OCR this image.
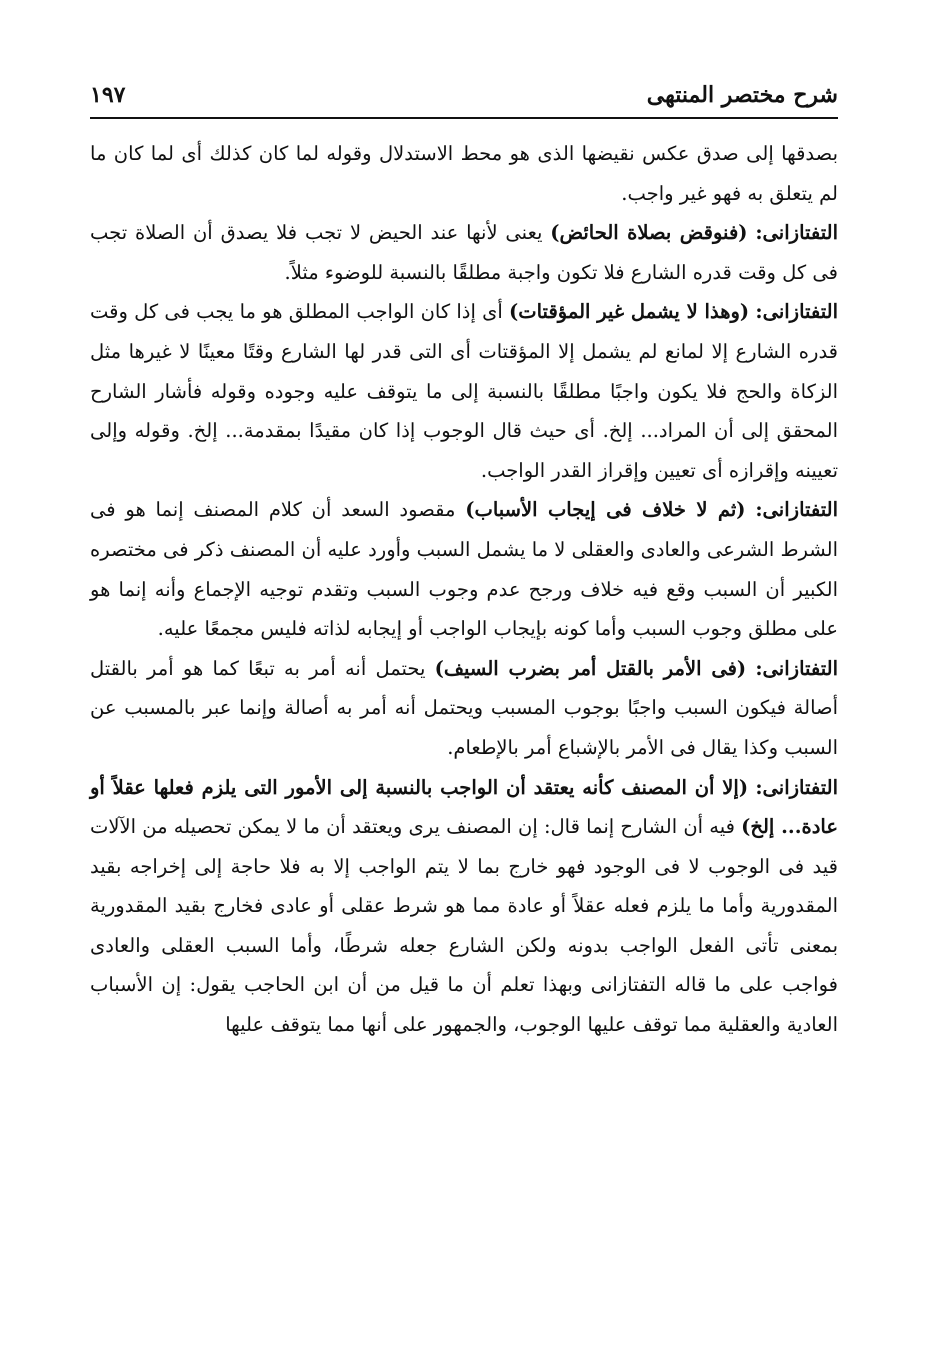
شرح مختصر المنتهى
١٩٧

بصدقها إلى صدق عكس نقيضها الذى هو محط الاستدلال وقوله لما كان كذلك أى لما كان ما لم يتعلق به فهو غير واجب.

التفتازانى: (فنوقض بصلاة الحائض) يعنى لأنها عند الحيض لا تجب فلا يصدق أن الصلاة تجب فى كل وقت قدره الشارع فلا تكون واجبة مطلقًا بالنسبة للوضوء مثلاً.

التفتازانى: (وهذا لا يشمل غير المؤقتات) أى إذا كان الواجب المطلق هو ما يجب فى كل وقت قدره الشارع إلا لمانع لم يشمل إلا المؤقتات أى التى قدر لها الشارع وقتًا معينًا لا غيرها مثل الزكاة والحج فلا يكون واجبًا مطلقًا بالنسبة إلى ما يتوقف عليه وجوده وقوله فأشار الشارح المحقق إلى أن المراد... إلخ. أى حيث قال الوجوب إذا كان مقيدًا بمقدمة... إلخ. وقوله وإلى تعيينه وإقرازه أى تعيين وإقراز القدر الواجب.

التفتازانى: (ثم لا خلاف فى إيجاب الأسباب) مقصود السعد أن كلام المصنف إنما هو فى الشرط الشرعى والعادى والعقلى لا ما يشمل السبب وأورد عليه أن المصنف ذكر فى مختصره الكبير أن السبب وقع فيه خلاف ورجح عدم وجوب السبب وتقدم توجيه الإجماع وأنه إنما هو على مطلق وجوب السبب وأما كونه بإيجاب الواجب أو إيجابه لذاته فليس مجمعًا عليه.

التفتازانى: (فى الأمر بالقتل أمر بضرب السيف) يحتمل أنه أمر به تبعًا كما هو أمر بالقتل أصالة فيكون السبب واجبًا بوجوب المسبب ويحتمل أنه أمر به أصالة وإنما عبر بالمسبب عن السبب وكذا يقال فى الأمر بالإشباع أمر بالإطعام.

التفتازانى: (إلا أن المصنف كأنه يعتقد أن الواجب بالنسبة إلى الأمور التى يلزم فعلها عقلاً أو عادة... إلخ) فيه أن الشارح إنما قال: إن المصنف يرى ويعتقد أن ما لا يمكن تحصيله من الآلات قيد فى الوجوب لا فى الوجود فهو خارج بما لا يتم الواجب إلا به فلا حاجة إلى إخراجه بقيد المقدورية وأما ما يلزم فعله عقلاً أو عادة مما هو شرط عقلى أو عادى فخارج بقيد المقدورية بمعنى تأتى الفعل الواجب بدونه ولكن الشارع جعله شرطًا، وأما السبب العقلى والعادى فواجب على ما قاله التفتازانى وبهذا تعلم أن ما قيل من أن ابن الحاجب يقول: إن الأسباب العادية والعقلية مما توقف عليها الوجوب، والجمهور على أنها مما يتوقف عليها
